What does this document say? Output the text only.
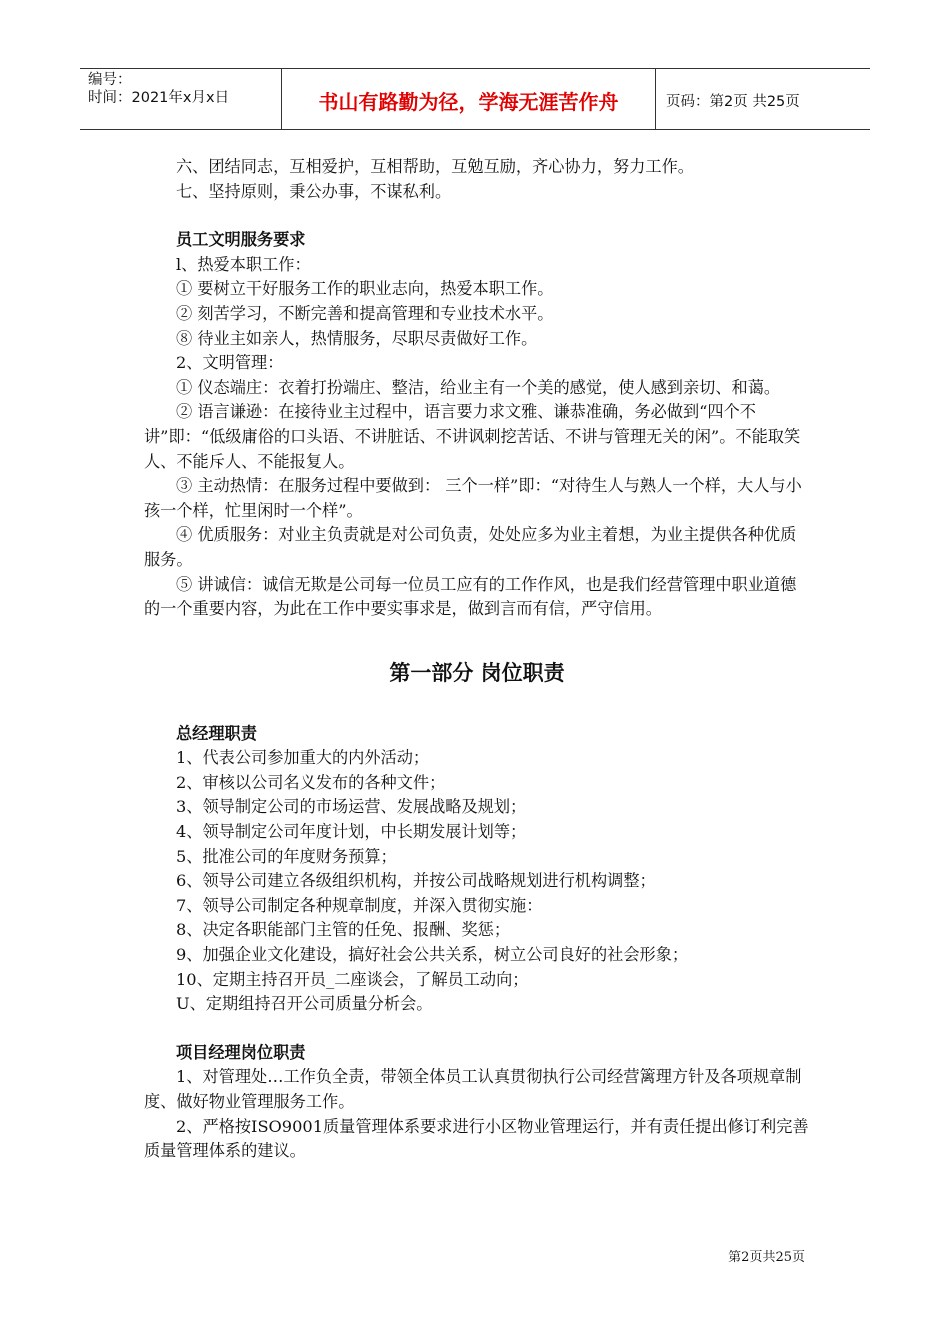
编号：
时间：2021年x月x日	书山有路勤为径，学海无涯苦作舟	页码：第2页 共25页

六、团结同志，互相爱护，互相帮助，互勉互励，齐心协力，努力工作。

七、坚持原则，秉公办事，不谋私利。

员工文明服务要求

l、热爱本职工作：

① 要树立干好服务工作的职业志向，热爱本职工作。

② 刻苦学习，不断完善和提高管理和专业技术水平。

⑧ 待业主如亲人，热情服务，尽职尽责做好工作。

2、文明管理：

① 仪态端庄：衣着打扮端庄、整洁，给业主有一个美的感觉，使人感到亲切、和蔼。

② 语言谦逊：在接待业主过程中，语言要力求文雅、谦恭准确，务必做到“四个不讲”即：“低级庸俗的口头语、不讲脏话、不讲讽刺挖苦话、不讲与管理无关的闲”。不能取笑人、不能斥人、不能报复人。

③ 主动热情：在服务过程中要做到： 三个一样”即：“对待生人与熟人一个样，大人与小孩一个样，忙里闲时一个样”。

④ 优质服务：对业主负责就是对公司负责，处处应多为业主着想，为业主提供各种优质服务。

⑤ 讲诚信：诚信无欺是公司每一位员工应有的工作作风，也是我们经营管理中职业道德的一个重要内容，为此在工作中要实事求是，做到言而有信，严守信用。

第一部分 岗位职责

总经理职责

1、代表公司参加重大的内外活动；

2、审核以公司名义发布的各种文件；

3、领导制定公司的市场运营、发展战略及规划；

4、领导制定公司年度计划，中长期发展计划等；

5、批准公司的年度财务预算；

6、领导公司建立各级组织机构，并按公司战略规划进行机构调整；

7、领导公司制定各种规章制度，并深入贯彻实施：

8、决定各职能部门主管的任免、报酬、奖惩；

9、加强企业文化建设，搞好社会公共关系，树立公司良好的社会形象；

10、定期主持召开员_二座谈会，了解员工动向；

U、定期组持召开公司质量分析会。

项目经理岗位职责

1、对管理处…工作负全责，带领全体员工认真贯彻执行公司经营篱理方针及各项规章制度、做好物业管理服务工作。

2、严格按ISO9001质量管理体系要求进行小区物业管理运行，并有责任提出修订利完善质量管理体系的建议。

第2页共25页
